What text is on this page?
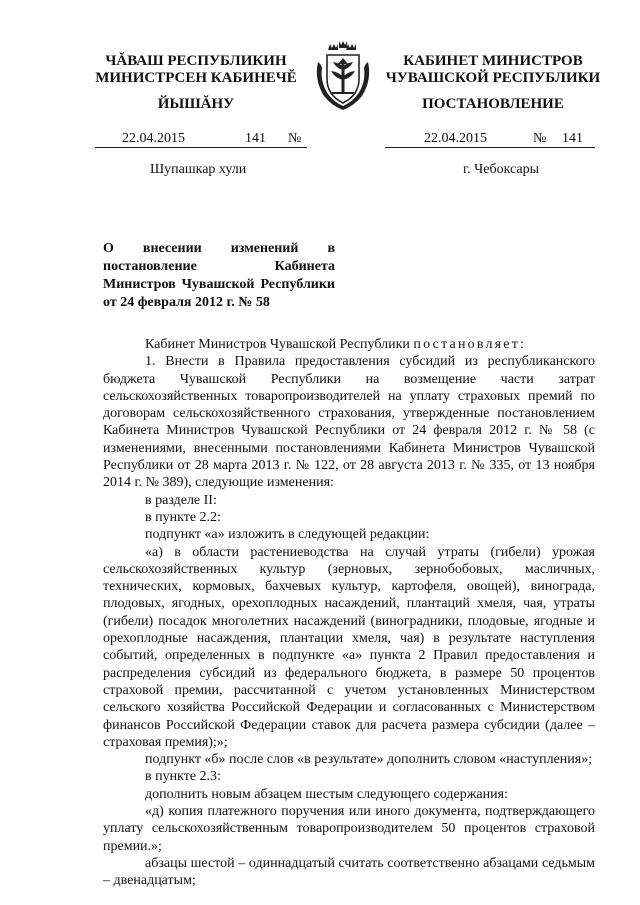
ЧĂВАШ РЕСПУБЛИКИН
МИНИСТРСЕН КАБИНЕЧĔ
ЙЫШĂНУ
КАБИНЕТ МИНИСТРОВ
ЧУВАШСКОЙ РЕСПУБЛИКИ
ПОСТАНОВЛЕНИЕ
22.04.2015	141 №	22.04.2015	№ 141
Шупашкар хули	г. Чебоксары
О внесении изменений в постановление Кабинета Министров Чувашской Республики от 24 февраля 2012 г. № 58

Кабинет Министров Чувашской Республики постановляет:

1. Внести в Правила предоставления субсидий из республиканского бюджета Чувашской Республики на возмещение части затрат сельскохозяйственных товаропроизводителей на уплату страховых премий по договорам сельскохозяйственного страхования, утвержденные постановлением Кабинета Министров Чувашской Республики от 24 февраля 2012 г. № 58 (с изменениями, внесенными постановлениями Кабинета Министров Чувашской Республики от 28 марта 2013 г. № 122, от 28 августа 2013 г. № 335, от 13 ноября 2014 г. № 389), следующие изменения:

в разделе II:

в пункте 2.2:

подпункт «а» изложить в следующей редакции:

«а) в области растениеводства на случай утраты (гибели) урожая сельскохозяйственных культур (зерновых, зернобобовых, масличных, технических, кормовых, бахчевых культур, картофеля, овощей), винограда, плодовых, ягодных, орехоплодных насаждений, плантаций хмеля, чая, утраты (гибели) посадок многолетних насаждений (виноградники, плодовые, ягодные и орехоплодные насаждения, плантации хмеля, чая) в результате наступления событий, определенных в подпункте «а» пункта 2 Правил предоставления и распределения субсидий из федерального бюджета, в размере 50 процентов страховой премии, рассчитанной с учетом установленных Министерством сельского хозяйства Российской Федерации и согласованных с Министерством финансов Российской Федерации ставок для расчета размера субсидии (далее – страховая премия);»;

подпункт «б» после слов «в результате» дополнить словом «наступления»;

в пункте 2.3:

дополнить новым абзацем шестым следующего содержания:

«д) копия платежного поручения или иного документа, подтверждающего уплату сельскохозяйственным товаропроизводителем 50 процентов страховой премии.»;

абзацы шестой – одиннадцатый считать соответственно абзацами седьмым – двенадцатым;
